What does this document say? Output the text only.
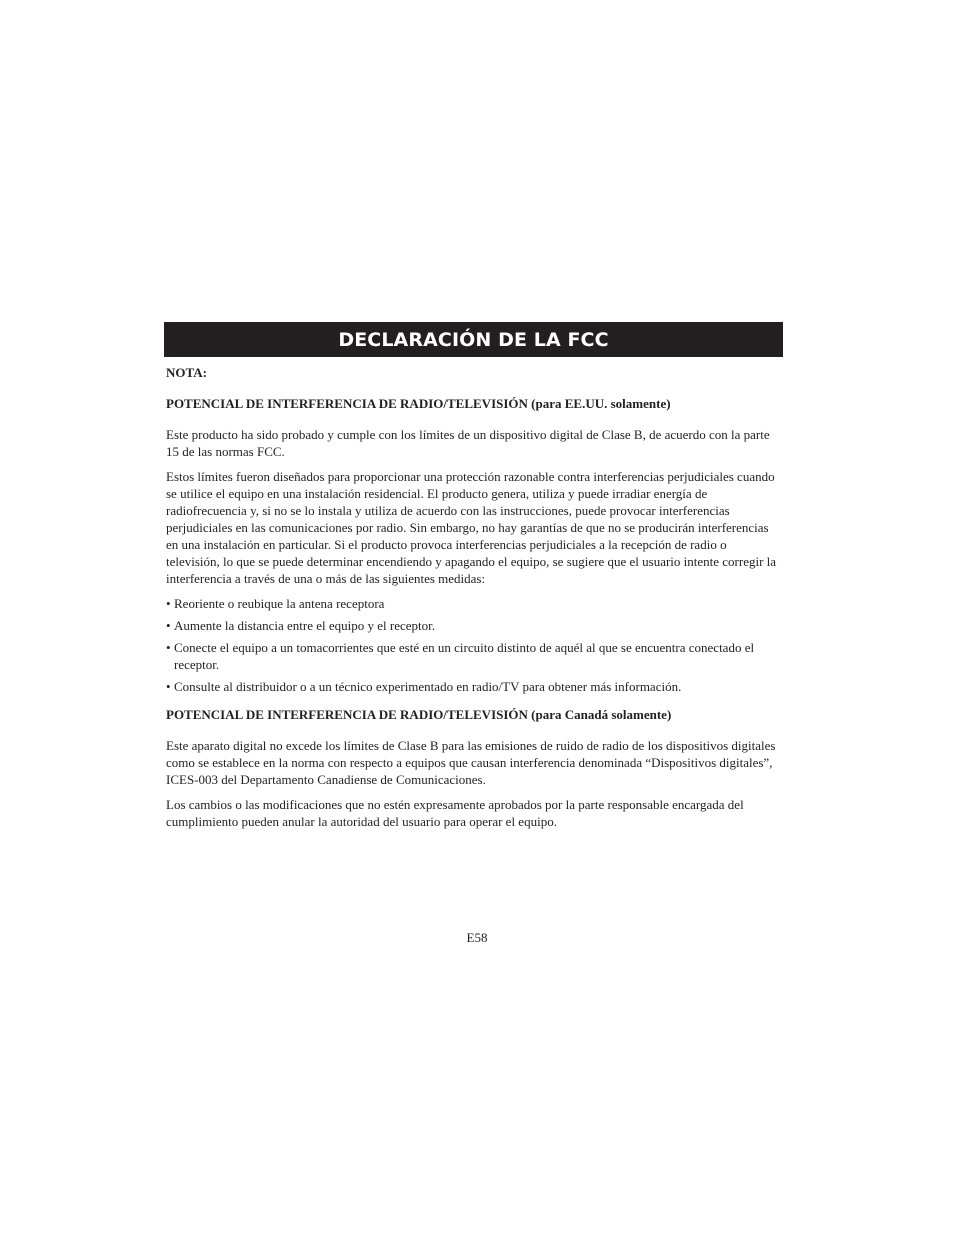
DECLARACIÓN DE LA FCC

NOTA:

POTENCIAL DE INTERFERENCIA DE RADIO/TELEVISIÓN (para EE.UU. solamente)

Este producto ha sido probado y cumple con los límites de un dispositivo digital de Clase B, de acuerdo con la parte 15 de las normas FCC.

Estos límites fueron diseñados para proporcionar una protección razonable contra interferencias perjudiciales cuando se utilice el equipo en una instalación residencial. El producto genera, utiliza y puede irradiar energía de radiofrecuencia y, si no se lo instala y utiliza de acuerdo con las instrucciones, puede provocar interferencias perjudiciales en las comunicaciones por radio. Sin embargo, no hay garantías de que no se producirán interferencias en una instalación en particular. Si el producto provoca interferencias perjudiciales a la recepción de radio o televisión, lo que se puede determinar encendiendo y apagando el equipo, se sugiere que el usuario intente corregir la interferencia a través de una o más de las siguientes medidas:

• Reoriente o reubique la antena receptora
• Aumente la distancia entre el equipo y el receptor.
• Conecte el equipo a un tomacorrientes que esté en un circuito distinto de aquél al que se encuentra conectado el receptor.
• Consulte al distribuidor o a un técnico experimentado en radio/TV para obtener más información.

POTENCIAL DE INTERFERENCIA DE RADIO/TELEVISIÓN (para Canadá solamente)

Este aparato digital no excede los límites de Clase B para las emisiones de ruido de radio de los dispositivos digitales como se establece en la norma con respecto a equipos que causan interferencia denominada “Dispositivos digitales”, ICES-003 del Departamento Canadiense de Comunicaciones.

Los cambios o las modificaciones que no estén expresamente aprobados por la parte responsable encargada del cumplimiento pueden anular la autoridad del usuario para operar el equipo.

E58
